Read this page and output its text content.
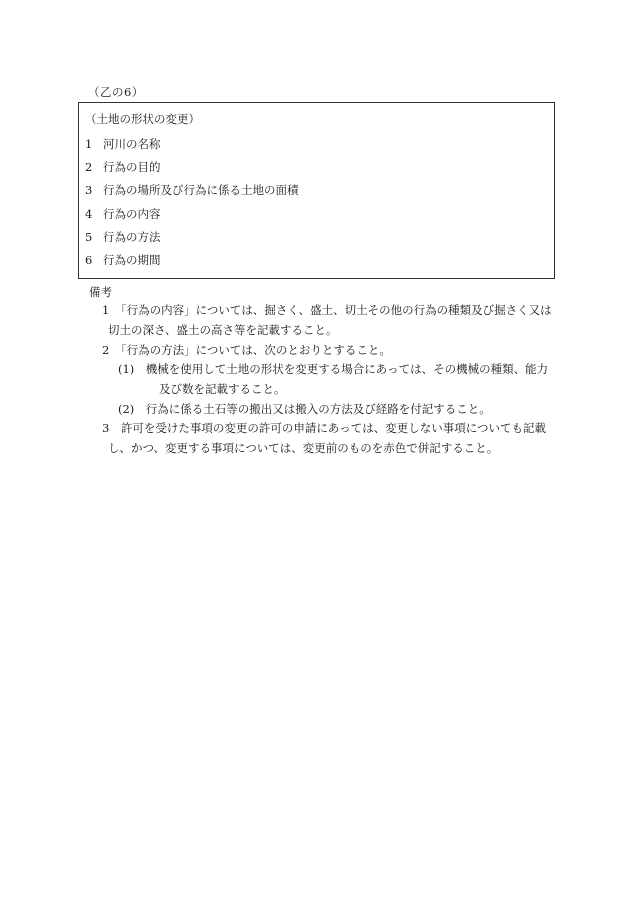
（乙の6）
（土地の形状の変更）
1 河川の名称
2 行為の目的
3 行為の場所及び行為に係る土地の面積
4 行為の内容
5 行為の方法
6 行為の期間
備考
1　「行為の内容」については、掘さく、盛土、切土その他の行為の種類及び掘さく又は
切土の深さ、盛土の高さ等を記載すること。
2　「行為の方法」については、次のとおりとすること。
(1)　機械を使用して土地の形状を変更する場合にあっては、その機械の種類、能力
及び数を記載すること。
(2)　行為に係る土石等の搬出又は搬入の方法及び経路を付記すること。
3　許可を受けた事項の変更の許可の申請にあっては、変更しない事項についても記載
し、かつ、変更する事項については、変更前のものを赤色で併記すること。
